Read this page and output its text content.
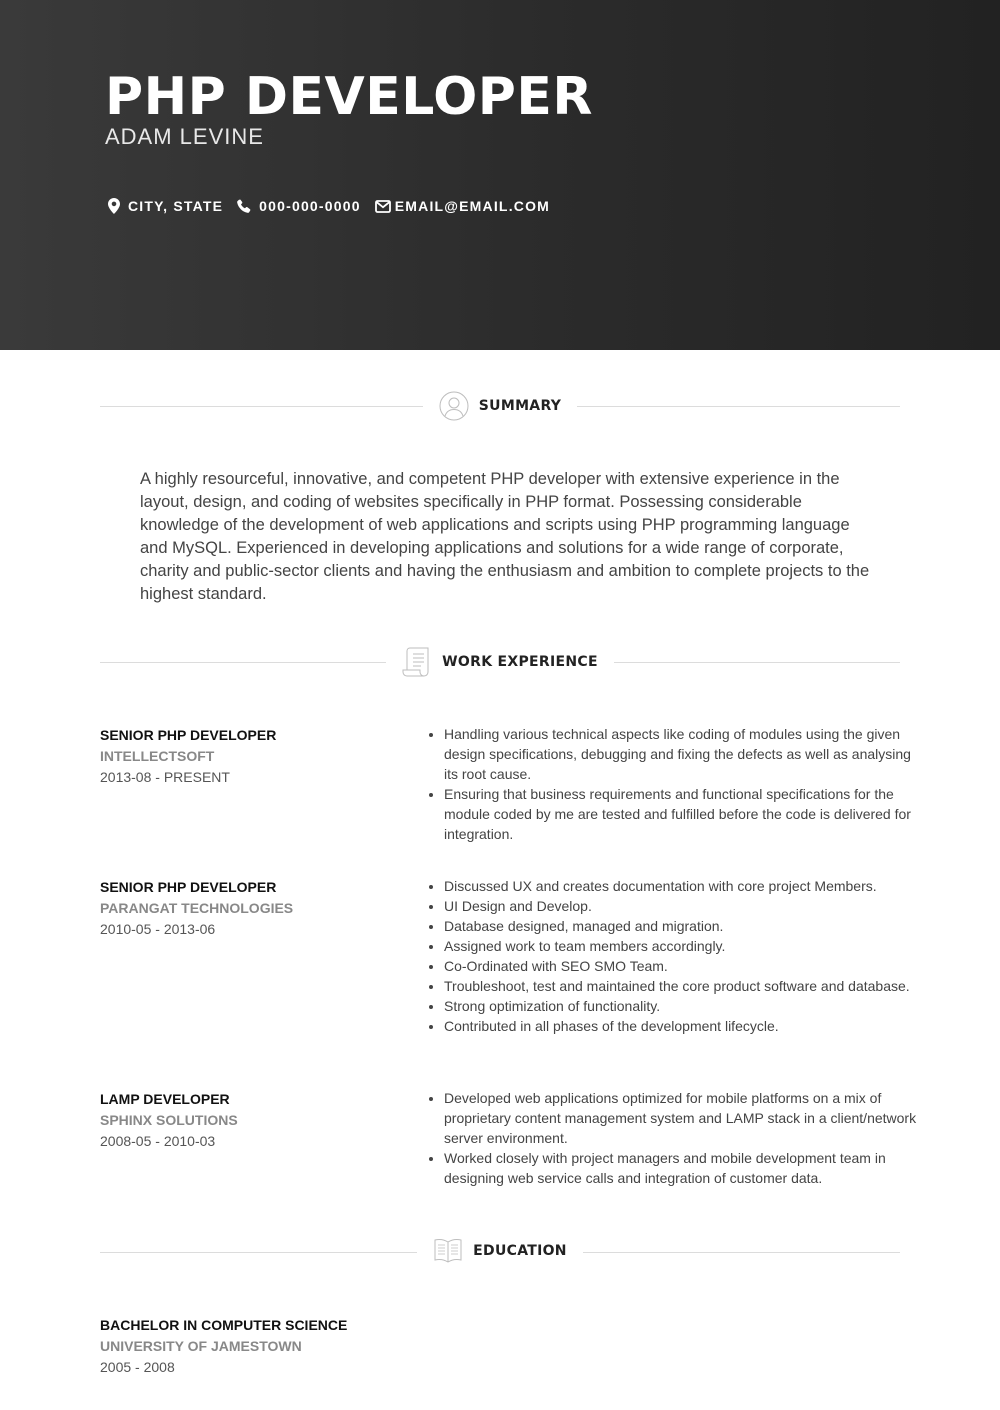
PHP DEVELOPER
ADAM LEVINE
CITY, STATE	000-000-0000 EMAIL@EMAIL.COM
SUMMARY
A highly resourceful, innovative, and competent PHP developer with extensive experience in the layout, design, and coding of websites specifically in PHP format. Possessing considerable knowledge of the development of web applications and scripts using PHP programming language and MySQL. Experienced in developing applications and solutions for a wide range of corporate, charity and public-sector clients and having the enthusiasm and ambition to complete projects to the highest standard.
WORK EXPERIENCE
SENIOR PHP DEVELOPER
INTELLECTSOFT
2013-08 - PRESENT
• Handling various technical aspects like coding of modules using the given design specifications, debugging and fixing the defects as well as analysing its root cause.
• Ensuring that business requirements and functional specifications for the module coded by me are tested and fulfilled before the code is delivered for integration.
SENIOR PHP DEVELOPER
PARANGAT TECHNOLOGIES
2010-05 - 2013-06
• Discussed UX and creates documentation with core project Members.
• UI Design and Develop.
• Database designed, managed and migration.
• Assigned work to team members accordingly.
• Co-Ordinated with SEO SMO Team.
• Troubleshoot, test and maintained the core product software and database.
• Strong optimization of functionality.
• Contributed in all phases of the development lifecycle.
LAMP DEVELOPER
SPHINX SOLUTIONS
2008-05 - 2010-03
• Developed web applications optimized for mobile platforms on a mix of proprietary content management system and LAMP stack in a client/network server environment.
• Worked closely with project managers and mobile development team in designing web service calls and integration of customer data.
EDUCATION
BACHELOR IN COMPUTER SCIENCE
UNIVERSITY OF JAMESTOWN
2005 - 2008
